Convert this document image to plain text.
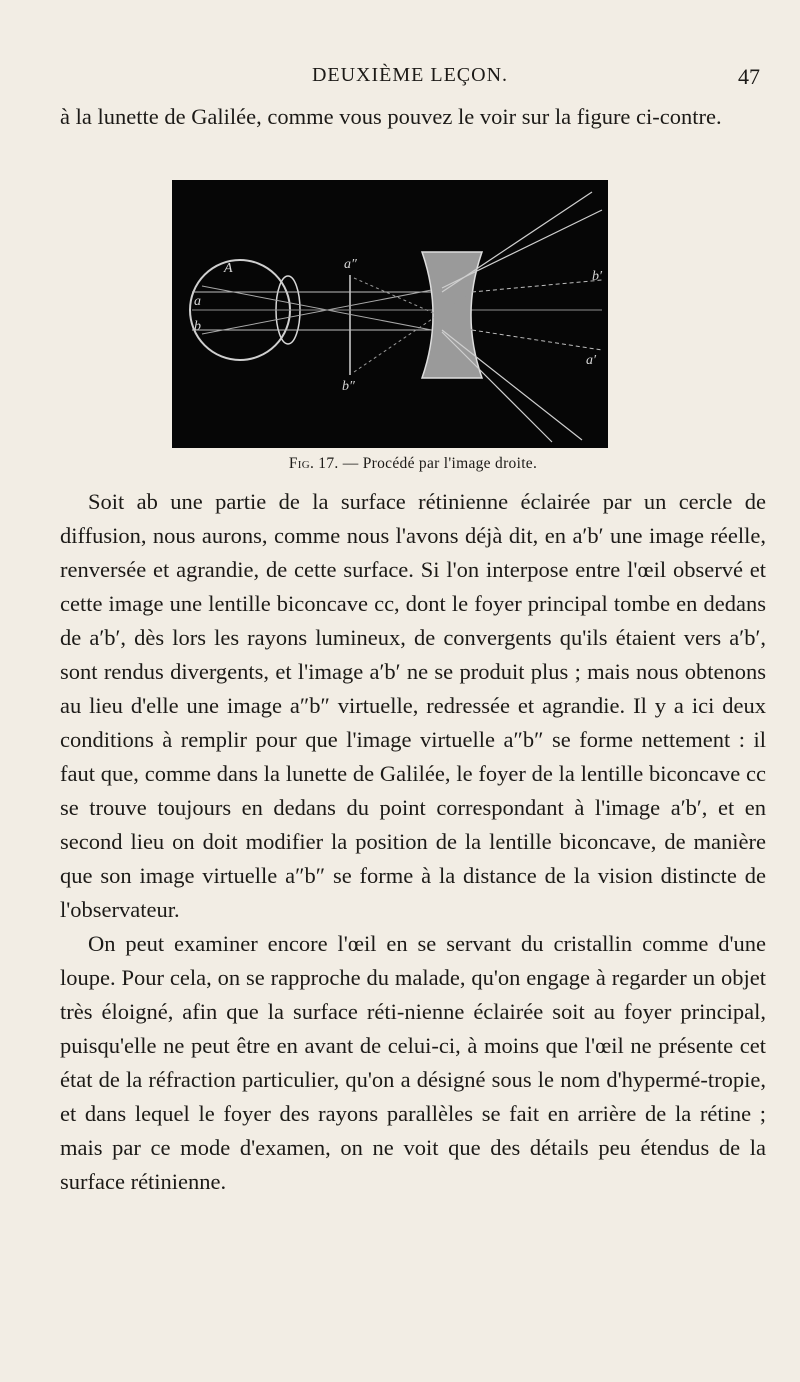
DEUXIÈME LEÇON.	47

à la lunette de Galilée, comme vous pouvez le voir sur la figure ci-contre.

A	a″
b′
a
b
b″
a′
Fig. 17. — Procédé par l'image droite.

Soit ab une partie de la surface rétinienne éclairée par un cercle de diffusion, nous aurons, comme nous l'avons déjà dit, en a′b′ une image réelle, renversée et agrandie, de cette surface. Si l'on interpose entre l'œil observé et cette image une lentille biconcave cc, dont le foyer principal tombe en dedans de a′b′, dès lors les rayons lumineux, de convergents qu'ils étaient vers a′b′, sont rendus divergents, et l'image a′b′ ne se produit plus ; mais nous obtenons au lieu d'elle une image a″b″ virtuelle, redressée et agrandie. Il y a ici deux conditions à remplir pour que l'image virtuelle a″b″ se forme nettement : il faut que, comme dans la lunette de Galilée, le foyer de la lentille biconcave cc se trouve toujours en dedans du point correspondant à l'image a′b′, et en second lieu on doit modifier la position de la lentille biconcave, de manière que son image virtuelle a″b″ se forme à la distance de la vision distincte de l'observateur.

On peut examiner encore l'œil en se servant du cristallin comme d'une loupe. Pour cela, on se rapproche du malade, qu'on engage à regarder un objet très éloigné, afin que la surface réti-nienne éclairée soit au foyer principal, puisqu'elle ne peut être en avant de celui-ci, à moins que l'œil ne présente cet état de la réfraction particulier, qu'on a désigné sous le nom d'hypermé-tropie, et dans lequel le foyer des rayons parallèles se fait en arrière de la rétine ; mais par ce mode d'examen, on ne voit que des détails peu étendus de la surface rétinienne.
